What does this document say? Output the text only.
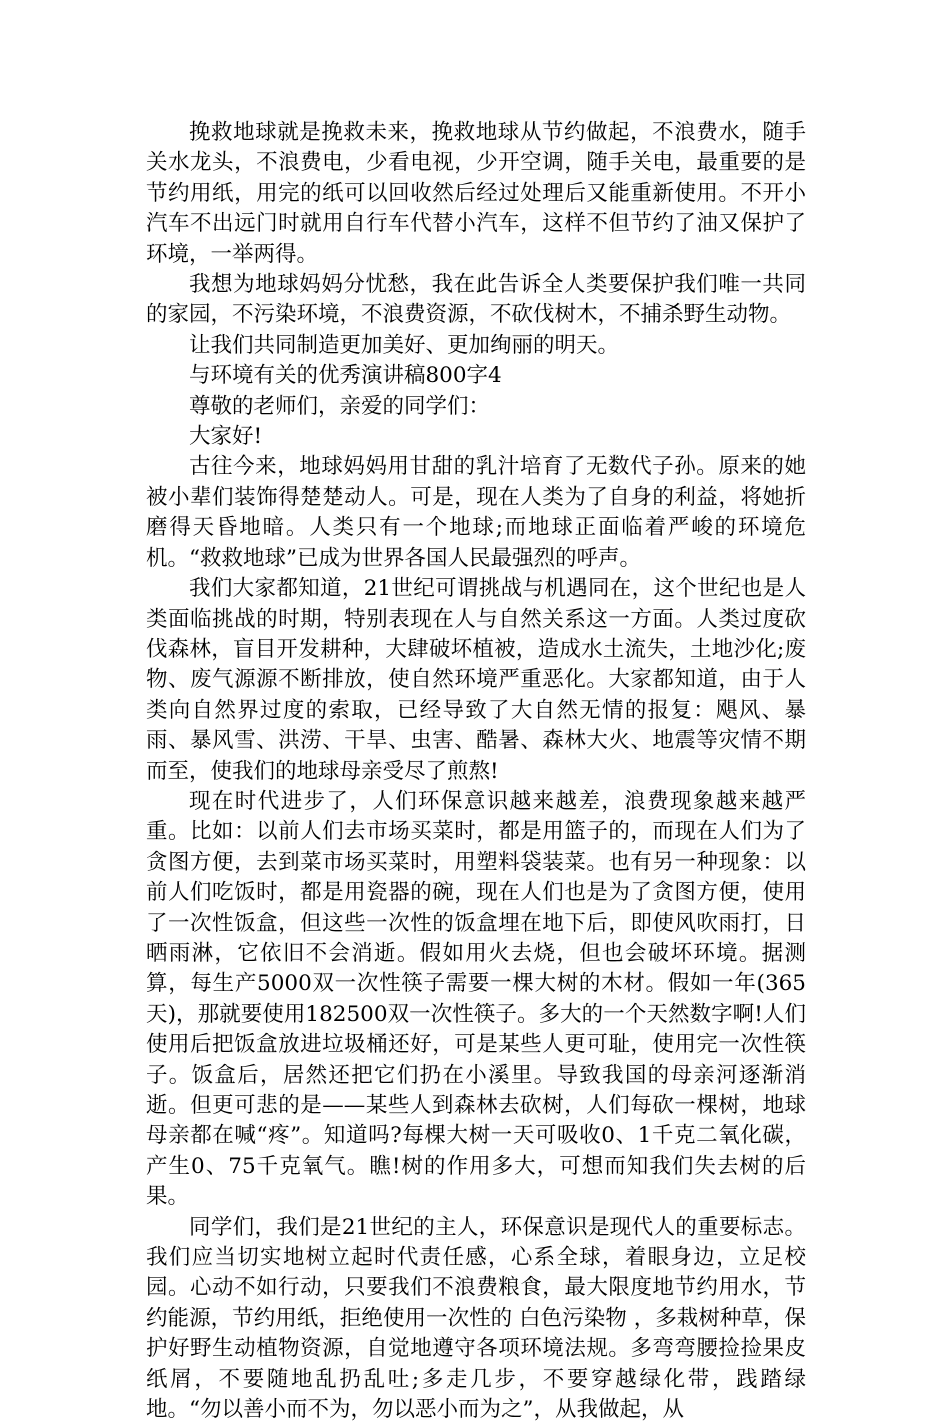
挽救地球就是挽救未来，挽救地球从节约做起，不浪费水，随手关水龙头，不浪费电，少看电视，少开空调，随手关电，最重要的是节约用纸，用完的纸可以回收然后经过处理后又能重新使用。不开小汽车不出远门时就用自行车代替小汽车，这样不但节约了油又保护了环境，一举两得。

我想为地球妈妈分忧愁，我在此告诉全人类要保护我们唯一共同的家园，不污染环境，不浪费资源，不砍伐树木，不捕杀野生动物。

让我们共同制造更加美好、更加绚丽的明天。

与环境有关的优秀演讲稿800字4

尊敬的老师们，亲爱的同学们：

大家好!

古往今来，地球妈妈用甘甜的乳汁培育了无数代子孙。原来的她被小辈们装饰得楚楚动人。可是，现在人类为了自身的利益，将她折磨得天昏地暗。人类只有一个地球;而地球正面临着严峻的环境危机。“救救地球”已成为世界各国人民最强烈的呼声。

我们大家都知道，21世纪可谓挑战与机遇同在，这个世纪也是人类面临挑战的时期，特别表现在人与自然关系这一方面。人类过度砍伐森林，盲目开发耕种，大肆破坏植被，造成水土流失，土地沙化;废物、废气源源不断排放，使自然环境严重恶化。大家都知道，由于人类向自然界过度的索取，已经导致了大自然无情的报复：飓风、暴雨、暴风雪、洪涝、干旱、虫害、酷暑、森林大火、地震等灾情不期而至，使我们的地球母亲受尽了煎熬!

现在时代进步了，人们环保意识越来越差，浪费现象越来越严重。比如：以前人们去市场买菜时，都是用篮子的，而现在人们为了贪图方便，去到菜市场买菜时，用塑料袋装菜。也有另一种现象：以前人们吃饭时，都是用瓷器的碗，现在人们也是为了贪图方便，使用了一次性饭盒，但这些一次性的饭盒埋在地下后，即使风吹雨打，日晒雨淋，它依旧不会消逝。假如用火去烧，但也会破坏环境。据测算，每生产5000双一次性筷子需要一棵大树的木材。假如一年(365天)，那就要使用182500双一次性筷子。多大的一个天然数字啊!人们使用后把饭盒放进垃圾桶还好，可是某些人更可耻，使用完一次性筷子。饭盒后，居然还把它们扔在小溪里。导致我国的母亲河逐渐消逝。但更可悲的是——某些人到森林去砍树，人们每砍一棵树，地球母亲都在喊“疼”。知道吗?每棵大树一天可吸收0、1千克二氧化碳，产生0、75千克氧气。瞧!树的作用多大，可想而知我们失去树的后果。

同学们，我们是21世纪的主人，环保意识是现代人的重要标志。我们应当切实地树立起时代责任感，心系全球，着眼身边，立足校园。心动不如行动，只要我们不浪费粮食，最大限度地节约用水，节约能源，节约用纸，拒绝使用一次性的 白色污染物 ，多栽树种草，保护好野生动植物资源，自觉地遵守各项环境法规。多弯弯腰捡捡果皮纸屑，不要随地乱扔乱吐;多走几步，不要穿越绿化带，践踏绿地。“勿以善小而不为，勿以恶小而为之”，从我做起，从
